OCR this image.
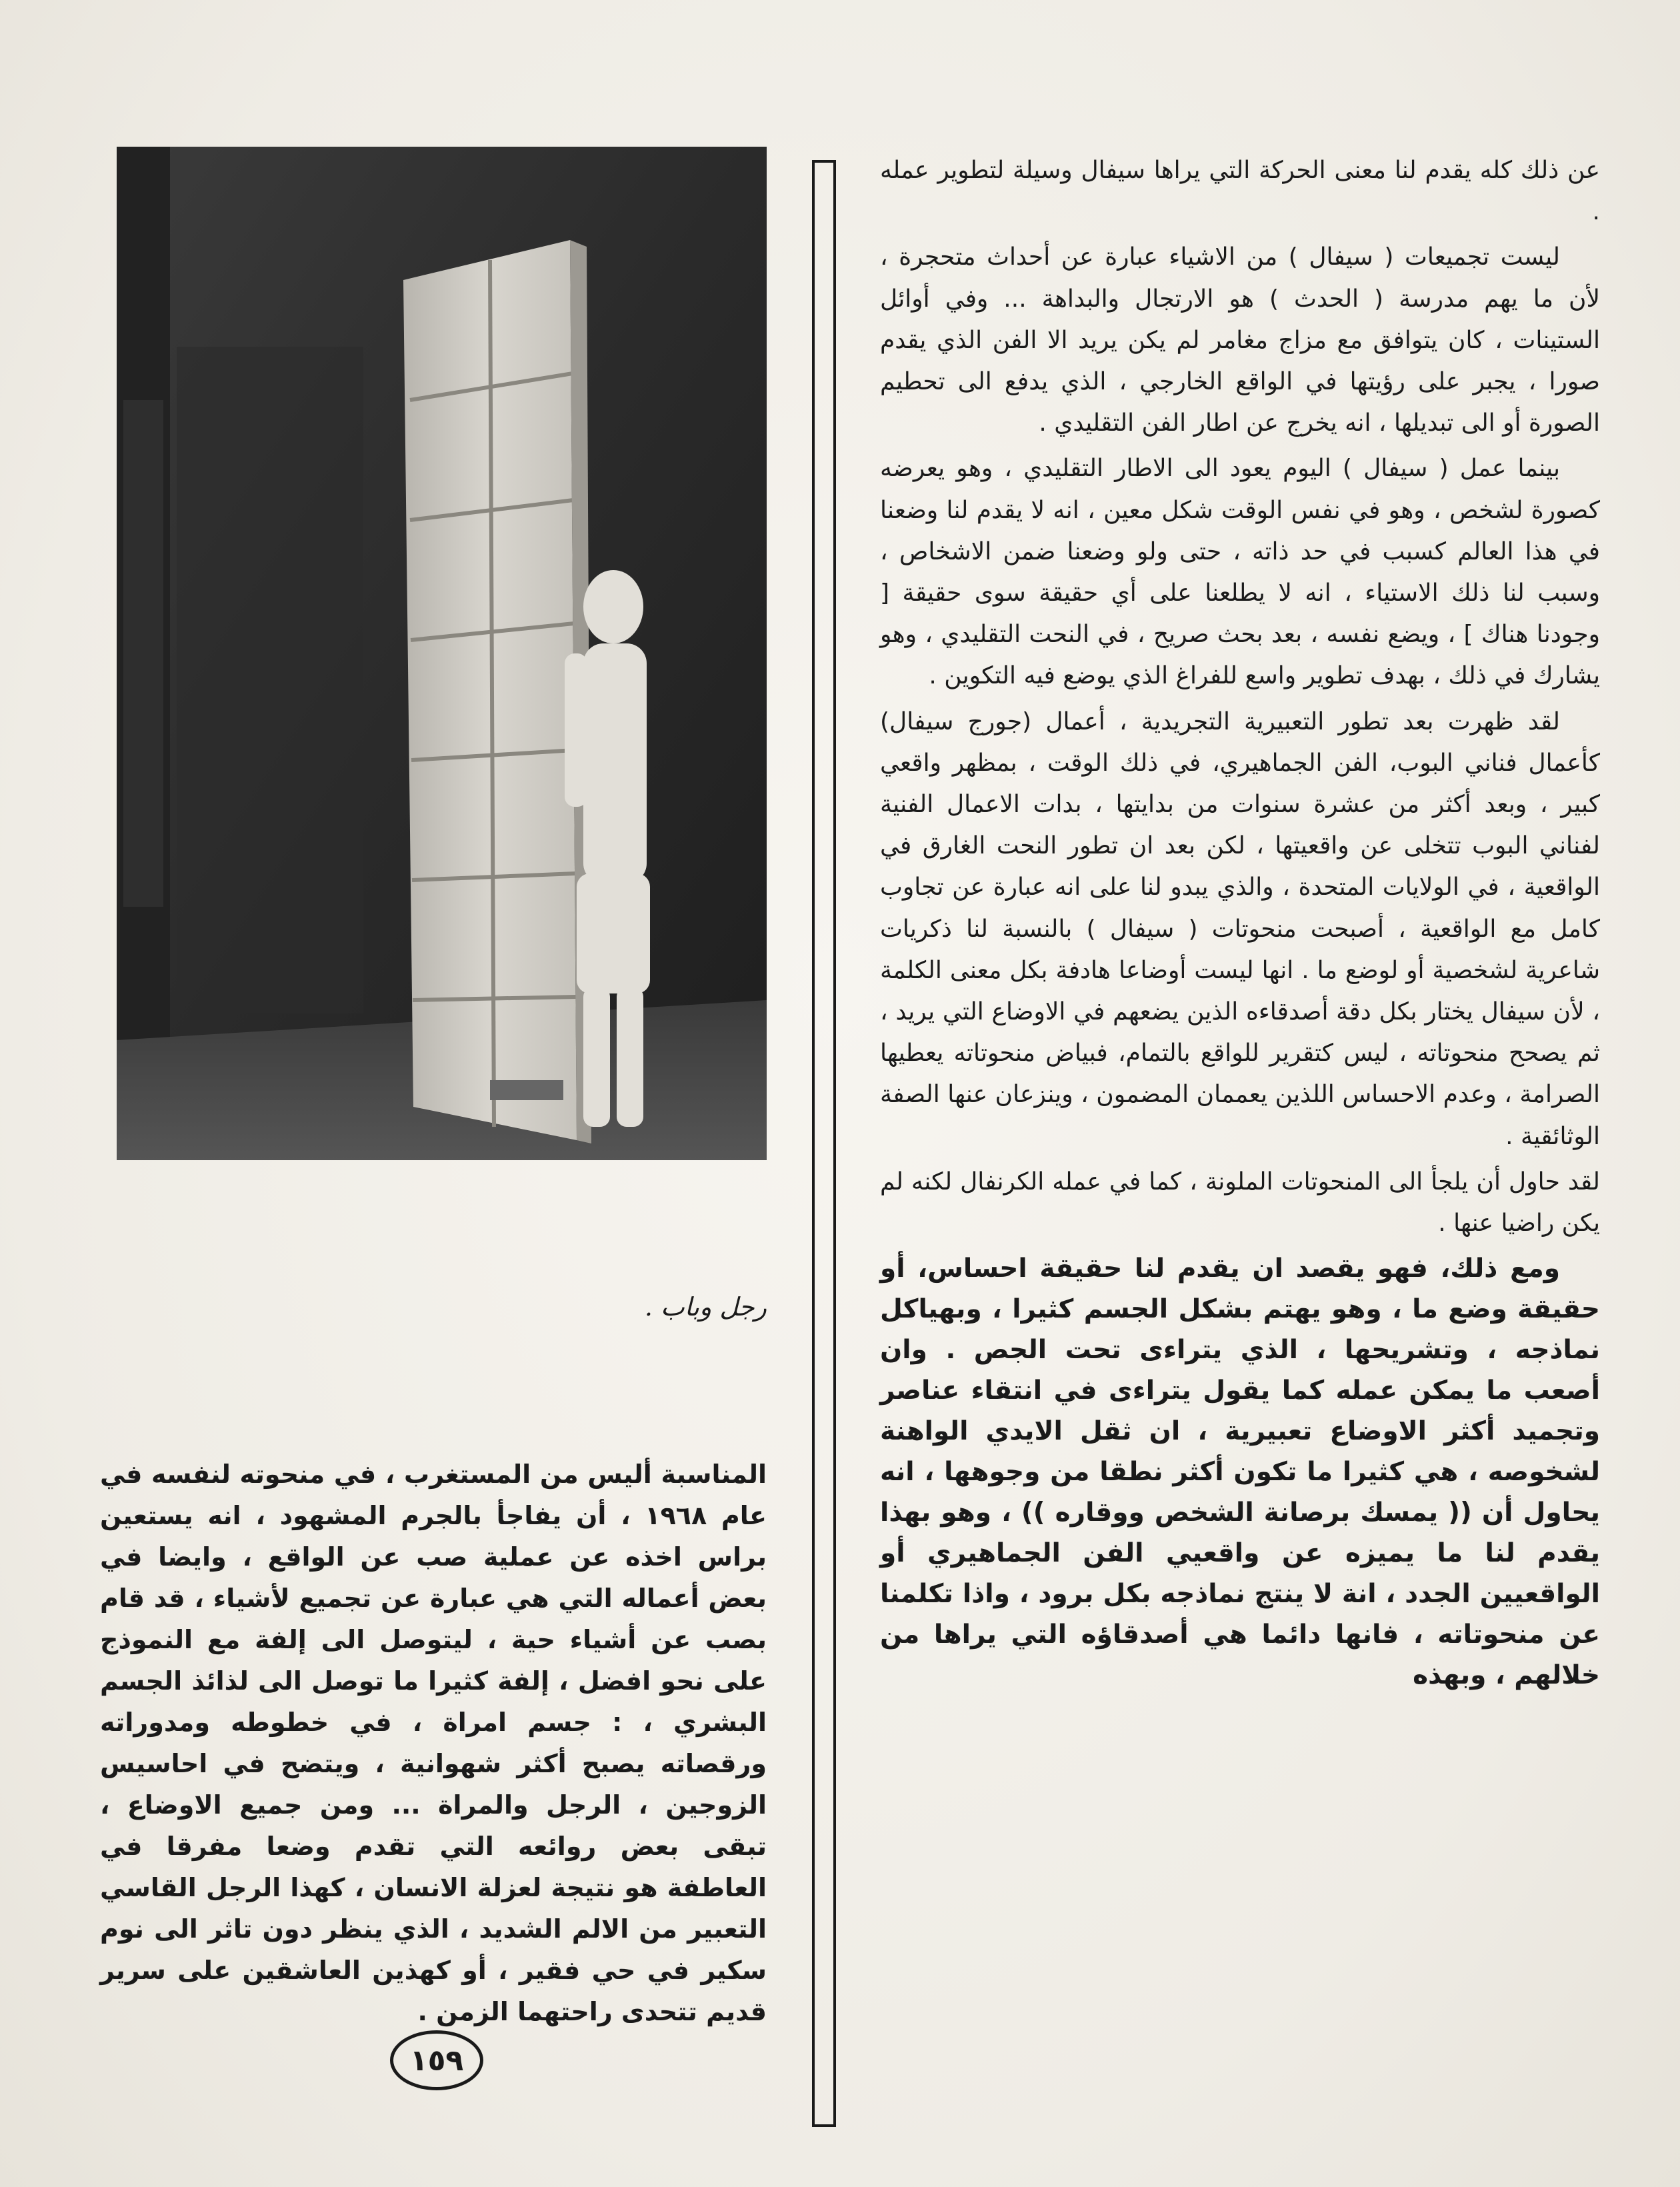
عن ذلك كله يقدم لنا معنى الحركة التي يراها سيفال وسيلة لتطوير عمله .

ليست تجميعات ( سيفال ) من الاشياء عبارة عن أحداث متحجرة ، لأن ما يهم مدرسة ( الحدث ) هو الارتجال والبداهة ... وفي أوائل الستينات ، كان يتوافق مع مزاج مغامر لم يكن يريد الا الفن الذي يقدم صورا ، يجبر على رؤيتها في الواقع الخارجي ، الذي يدفع الى تحطيم الصورة أو الى تبديلها ، انه يخرج عن اطار الفن التقليدي .

بينما عمل ( سيفال ) اليوم يعود الى الاطار التقليدي ، وهو يعرضه كصورة لشخص ، وهو في نفس الوقت شكل معين ، انه لا يقدم لنا وضعنا في هذا العالم كسبب في حد ذاته ، حتى ولو وضعنا ضمن الاشخاص ، وسبب لنا ذلك الاستياء ، انه لا يطلعنا على أي حقيقة سوى حقيقة [ وجودنا هناك ] ، ويضع نفسه ، بعد بحث صريح ، في النحت التقليدي ، وهو يشارك في ذلك ، بهدف تطوير واسع للفراغ الذي يوضع فيه التكوين .

لقد ظهرت بعد تطور التعبيرية التجريدية ، أعمال (جورج سيفال) كأعمال فناني البوب، الفن الجماهيري، في ذلك الوقت ، بمظهر واقعي كبير ، وبعد أكثر من عشرة سنوات من بدايتها ، بدات الاعمال الفنية لفناني البوب تتخلى عن واقعيتها ، لكن بعد ان تطور النحت الغارق في الواقعية ، في الولايات المتحدة ، والذي يبدو لنا على انه عبارة عن تجاوب كامل مع الواقعية ، أصبحت منحوتات ( سيفال ) بالنسبة لنا ذكريات شاعرية لشخصية أو لوضع ما . انها ليست أوضاعا هادفة بكل معنى الكلمة ، لأن سيفال يختار بكل دقة أصدقاءه الذين يضعهم في الاوضاع التي يريد ، ثم يصحح منحوتاته ، ليس كتقرير للواقع بالتمام، فبياض منحوتاته يعطيها الصرامة ، وعدم الاحساس اللذين يعممان المضمون ، وينزعان عنها الصفة الوثائقية .

لقد حاول أن يلجأ الى المنحوتات الملونة ، كما في عمله الكرنفال لكنه لم يكن راضيا عنها .

ومع ذلك، فهو يقصد ان يقدم لنا حقيقة احساس، أو حقيقة وضع ما ، وهو يهتم بشكل الجسم كثيرا ، وبهياكل نماذجه ، وتشريحها ، الذي يتراءى تحت الجص . وان أصعب ما يمكن عمله كما يقول يتراءى في انتقاء عناصر وتجميد أكثر الاوضاع تعبيرية ، ان ثقل الايدي الواهنة لشخوصه ، هي كثيرا ما تكون أكثر نطقا من وجوهها ، انه يحاول أن (( يمسك برصانة الشخص ووقاره )) ، وهو بهذا يقدم لنا ما يميزه عن واقعيي الفن الجماهيري أو الواقعيين الجدد ، انة لا ينتج نماذجه بكل برود ، واذا تكلمنا عن منحوتاته ، فانها دائما هي أصدقاؤه التي يراها من خلالهم ، وبهذه

رجل وباب .

المناسبة أليس من المستغرب ، في منحوته لنفسه في عام ١٩٦٨ ، أن يفاجأ بالجرم المشهود ، انه يستعين براس اخذه عن عملية صب عن الواقع ، وايضا في بعض أعماله التي هي عبارة عن تجميع لأشياء ، قد قام بصب عن أشياء حية ، ليتوصل الى إلفة مع النموذج على نحو افضل ، إلفة كثيرا ما توصل الى لذائذ الجسم البشري ، : جسم امراة ، في خطوطه ومدوراته ورقصاته يصبح أكثر شهوانية ، ويتضح في احاسيس الزوجين ، الرجل والمراة ... ومن جميع الاوضاع ، تبقى بعض روائعه التي تقدم وضعا مفرقا في العاطفة هو نتيجة لعزلة الانسان ، كهذا الرجل القاسي التعبير من الالم الشديد ، الذي ينظر دون تاثر الى نوم سكير في حي فقير ، أو كهذين العاشقين على سرير قديم تتحدى راحتهما الزمن .

١٥٩
